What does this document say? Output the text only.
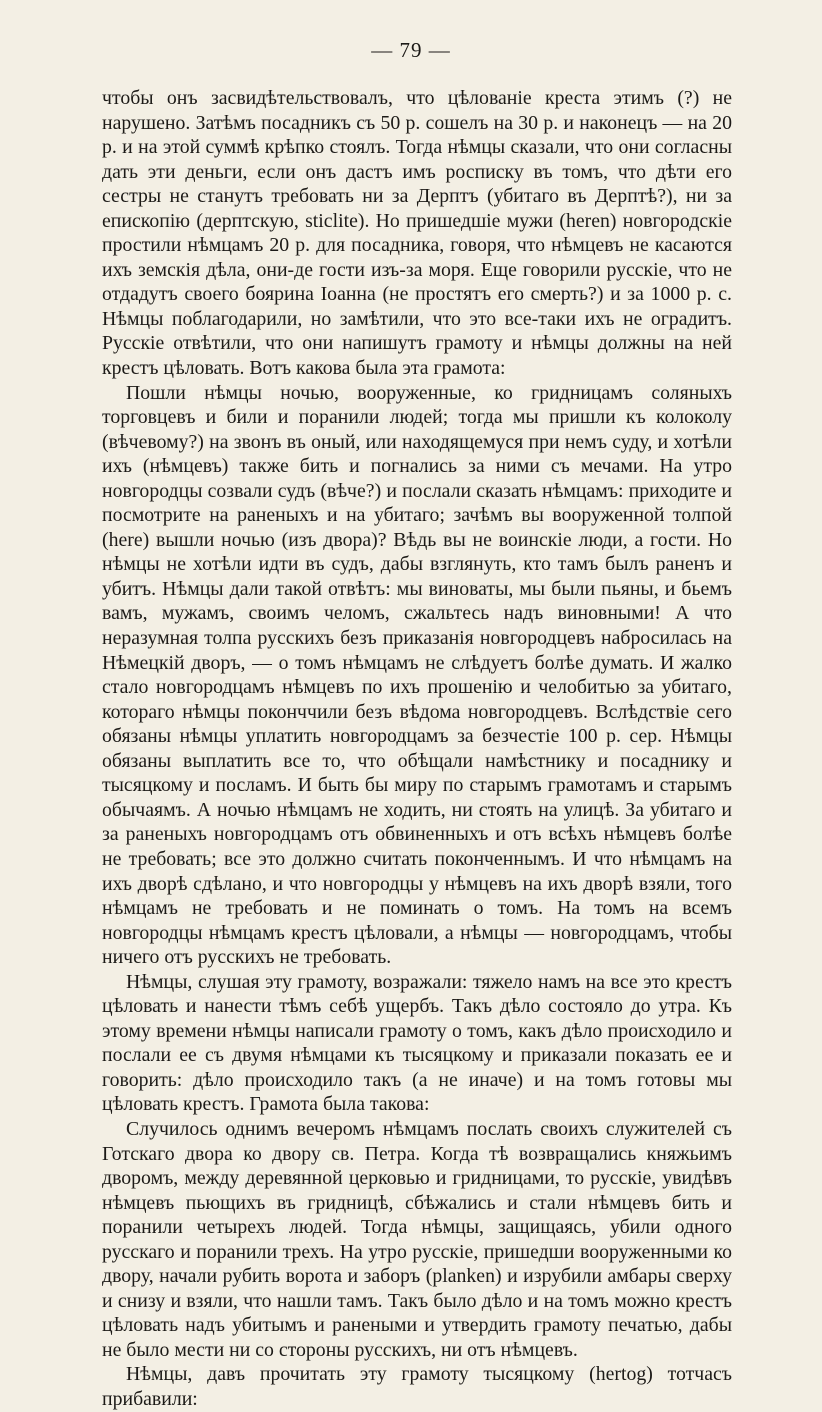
— 79 —

чтобы онъ засвидѣтельствовалъ, что цѣлованіе креста этимъ (?) не нарушено. Затѣмъ посадникъ съ 50 р. сошелъ на 30 р. и наконецъ — на 20 р. и на этой суммѣ крѣпко стоялъ. Тогда нѣмцы сказали, что они согласны дать эти деньги, если онъ дастъ имъ росписку въ томъ, что дѣти его сестры не станутъ требовать ни за Дерптъ (убитаго въ Дерптѣ?), ни за епископію (дерптскую, sticlite). Но пришедшіе мужи (heren) новгородскіе простили нѣмцамъ 20 р. для посадника, говоря, что нѣмцевъ не касаются ихъ земскія дѣла, они-де гости изъ-за моря. Еще говорили русскіе, что не отдадутъ своего боярина Іоанна (не простятъ его смерть?) и за 1000 р. с. Нѣмцы поблагодарили, но замѣтили, что это все-таки ихъ не оградитъ. Русскіе отвѣтили, что они напишутъ грамоту и нѣмцы должны на ней крестъ цѣловать. Вотъ какова была эта грамота:

Пошли нѣмцы ночью, вооруженные, ко гридницамъ соляныхъ торговцевъ и били и поранили людей; тогда мы пришли къ колоколу (вѣчевому?) на звонъ въ оный, или находящемуся при немъ суду, и хотѣли ихъ (нѣмцевъ) также бить и погнались за ними съ мечами. На утро новгородцы созвали судъ (вѣче?) и послали сказать нѣмцамъ: приходите и посмотрите на раненыхъ и на убитаго; зачѣмъ вы вооруженной толпой (here) вышли ночью (изъ двора)? Вѣдь вы не воинскіе люди, а гости. Но нѣмцы не хотѣли идти въ судъ, дабы взглянуть, кто тамъ былъ раненъ и убитъ. Нѣмцы дали такой отвѣтъ: мы виноваты, мы были пьяны, и бьемъ вамъ, мужамъ, своимъ челомъ, сжальтесь надъ виновными! А что неразумная толпа русскихъ безъ приказанія новгородцевъ набросилась на Нѣмецкій дворъ, — о томъ нѣмцамъ не слѣдуетъ болѣе думать. И жалко стало новгородцамъ нѣмцевъ по ихъ прошенію и челобитью за убитаго, котораго нѣмцы поконччили безъ вѣдома новгородцевъ. Вслѣдствіе сего обязаны нѣмцы уплатить новгородцамъ за безчестіе 100 р. сер. Нѣмцы обязаны выплатить все то, что обѣщали намѣстнику и посаднику и тысяцкому и посламъ. И быть бы миру по старымъ грамотамъ и старымъ обычаямъ. А ночью нѣмцамъ не ходить, ни стоять на улицѣ. За убитаго и за раненыхъ новгородцамъ отъ обвиненныхъ и отъ всѣхъ нѣмцевъ болѣе не требовать; все это должно считать поконченнымъ. И что нѣмцамъ на ихъ дворѣ сдѣлано, и что новгородцы у нѣмцевъ на ихъ дворѣ взяли, того нѣмцамъ не требовать и не поминать о томъ. На томъ на всемъ новгородцы нѣмцамъ крестъ цѣловали, а нѣмцы — новгородцамъ, чтобы ничего отъ русскихъ не требовать.

Нѣмцы, слушая эту грамоту, возражали: тяжело намъ на все это крестъ цѣловать и нанести тѣмъ себѣ ущербъ. Такъ дѣло состояло до утра. Къ этому времени нѣмцы написали грамоту о томъ, какъ дѣло происходило и послали ее съ двумя нѣмцами къ тысяцкому и приказали показать ее и говорить: дѣло происходило такъ (а не иначе) и на томъ готовы мы цѣловать крестъ. Грамота была такова:

Случилось однимъ вечеромъ нѣмцамъ послать своихъ служителей съ Готскаго двора ко двору св. Петра. Когда тѣ возвращались княжьимъ дворомъ, между деревянной церковью и гридницами, то русскіе, увидѣвъ нѣмцевъ пьющихъ въ гридницѣ, сбѣжались и стали нѣмцевъ бить и поранили четырехъ людей. Тогда нѣмцы, защищаясь, убили одного русскаго и поранили трехъ. На утро русскіе, пришедши вооруженными ко двору, начали рубить ворота и заборъ (planken) и изрубили амбары сверху и снизу и взяли, что нашли тамъ. Такъ было дѣло и на томъ можно крестъ цѣловать надъ убитымъ и ранеными и утвердить грамоту печатью, дабы не было мести ни со стороны русскихъ, ни отъ нѣмцевъ.

Нѣмцы, давъ прочитать эту грамоту тысяцкому (hertog) тотчасъ прибавили:
